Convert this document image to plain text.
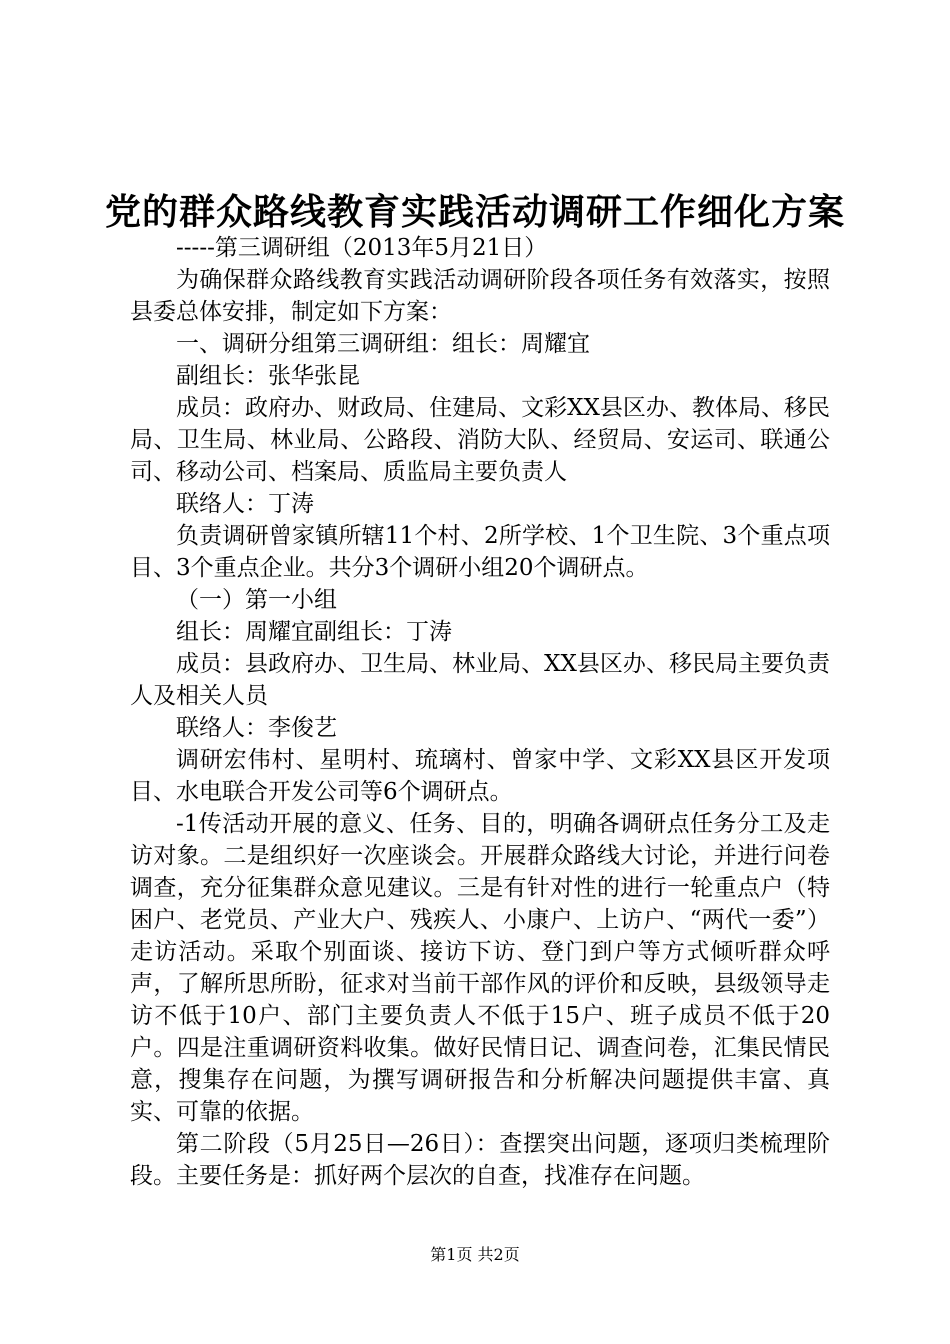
党的群众路线教育实践活动调研工作细化方案

-----第三调研组（2013年5月21日）

为确保群众路线教育实践活动调研阶段各项任务有效落实，按照县委总体安排，制定如下方案：

一、调研分组第三调研组：组长：周耀宜

副组长：张华张昆

成员：政府办、财政局、住建局、文彩XX县区办、教体局、移民局、卫生局、林业局、公路段、消防大队、经贸局、安运司、联通公司、移动公司、档案局、质监局主要负责人

联络人：丁涛

负责调研曾家镇所辖11个村、2所学校、1个卫生院、3个重点项目、3个重点企业。共分3个调研小组20个调研点。

（一）第一小组

组长：周耀宜副组长：丁涛

成员：县政府办、卫生局、林业局、XX县区办、移民局主要负责人及相关人员

联络人：李俊艺

调研宏伟村、星明村、琉璃村、曾家中学、文彩XX县区开发项目、水电联合开发公司等6个调研点。

-1传活动开展的意义、任务、目的，明确各调研点任务分工及走访对象。二是组织好一次座谈会。开展群众路线大讨论，并进行问卷调查，充分征集群众意见建议。三是有针对性的进行一轮重点户（特困户、老党员、产业大户、残疾人、小康户、上访户、“两代一委”）走访活动。采取个别面谈、接访下访、登门到户等方式倾听群众呼声，了解所思所盼，征求对当前干部作风的评价和反映，县级领导走访不低于10户、部门主要负责人不低于15户、班子成员不低于20户。四是注重调研资料收集。做好民情日记、调查问卷，汇集民情民意，搜集存在问题，为撰写调研报告和分析解决问题提供丰富、真实、可靠的依据。

第二阶段（5月25日—26日）：查摆突出问题，逐项归类梳理阶段。主要任务是：抓好两个层次的自查，找准存在问题。

第1页 共2页
